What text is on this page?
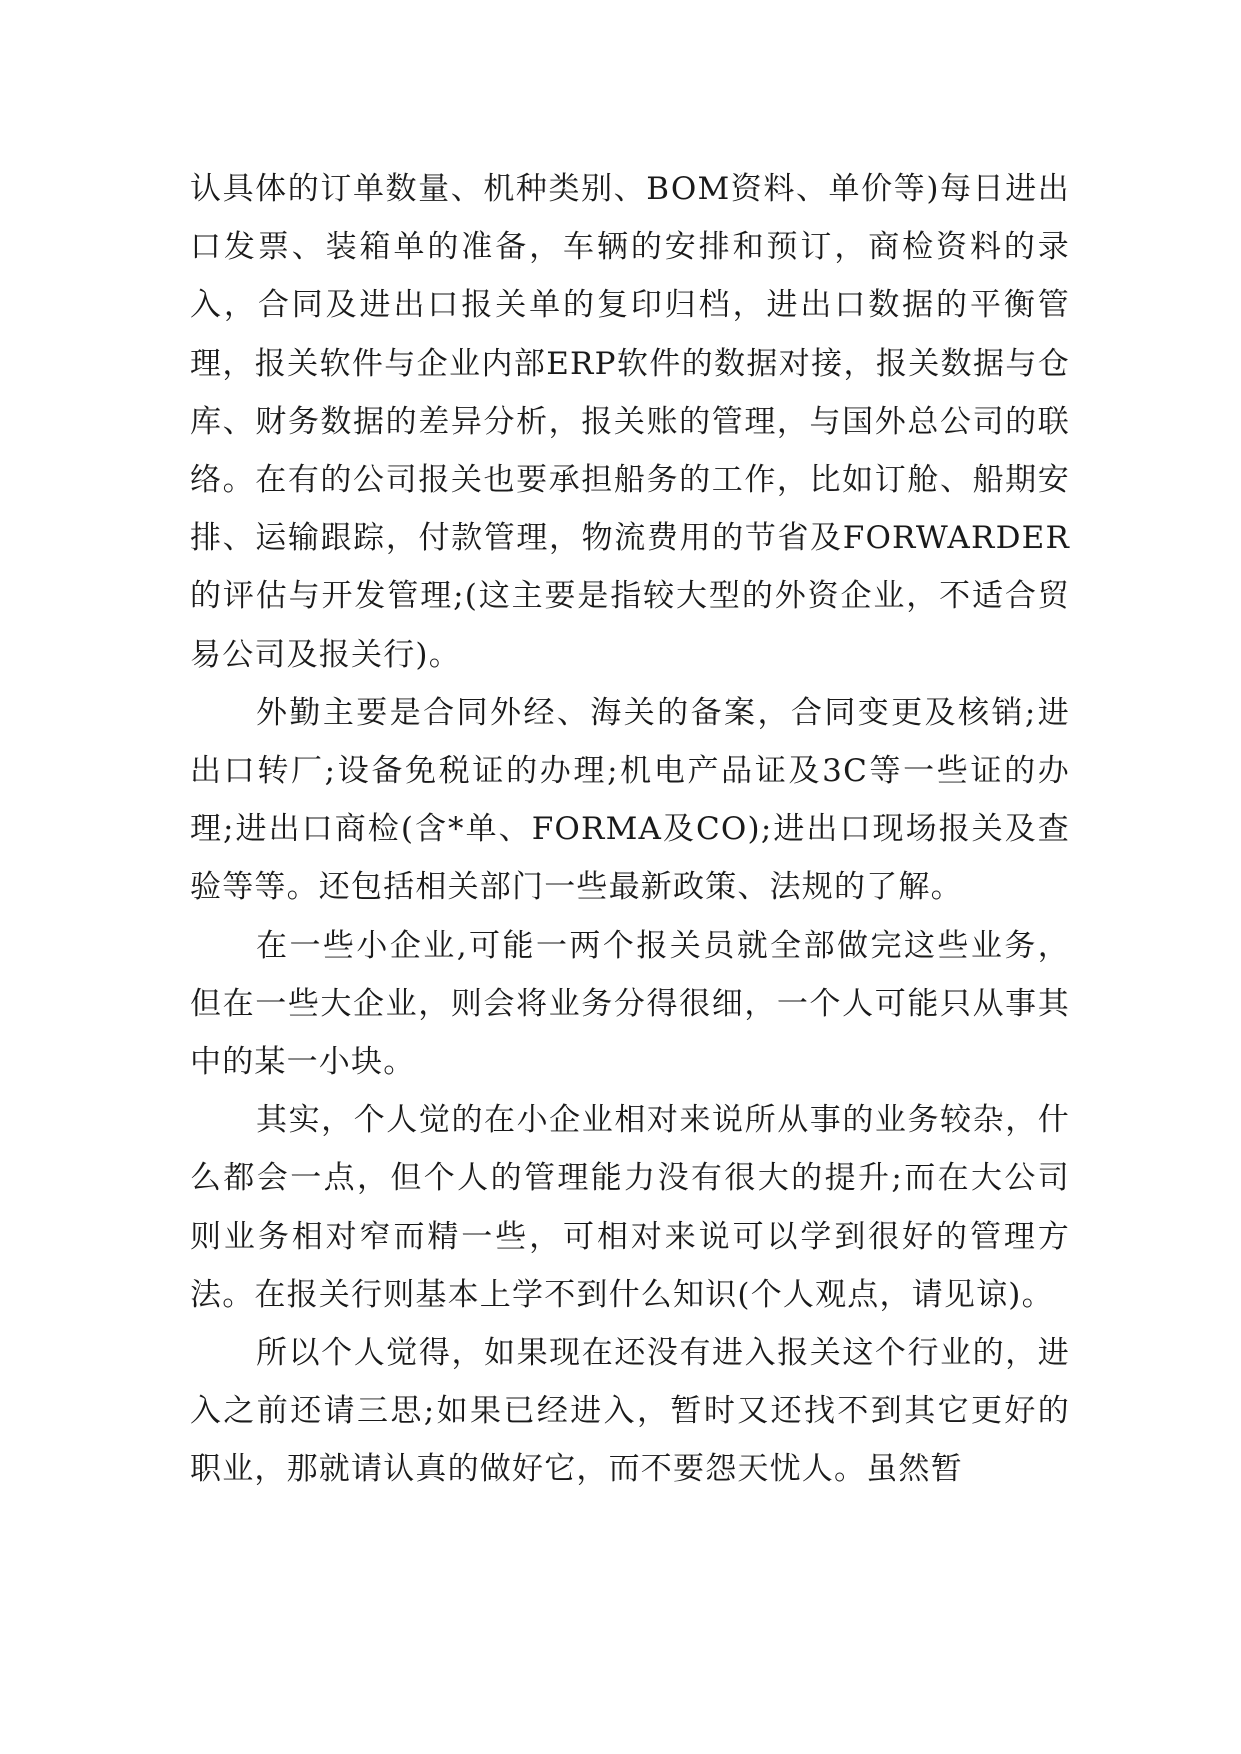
认具体的订单数量、机种类别、BOM资料、单价等)每日进出口发票、装箱单的准备，车辆的安排和预订，商检资料的录入，合同及进出口报关单的复印归档，进出口数据的平衡管理，报关软件与企业内部ERP软件的数据对接，报关数据与仓库、财务数据的差异分析，报关账的管理，与国外总公司的联络。在有的公司报关也要承担船务的工作，比如订舱、船期安排、运输跟踪，付款管理，物流费用的节省及FORWARDER的评估与开发管理;(这主要是指较大型的外资企业，不适合贸易公司及报关行)。

外勤主要是合同外经、海关的备案，合同变更及核销;进出口转厂;设备免税证的办理;机电产品证及3C等一些证的办理;进出口商检(含*单、FORMA及CO);进出口现场报关及查验等等。还包括相关部门一些最新政策、法规的了解。

在一些小企业,可能一两个报关员就全部做完这些业务，但在一些大企业，则会将业务分得很细，一个人可能只从事其中的某一小块。

其实，个人觉的在小企业相对来说所从事的业务较杂，什么都会一点，但个人的管理能力没有很大的提升;而在大公司则业务相对窄而精一些，可相对来说可以学到很好的管理方法。在报关行则基本上学不到什么知识(个人观点，请见谅)。

所以个人觉得，如果现在还没有进入报关这个行业的，进入之前还请三思;如果已经进入，暂时又还找不到其它更好的职业，那就请认真的做好它，而不要怨天忧人。虽然暂
